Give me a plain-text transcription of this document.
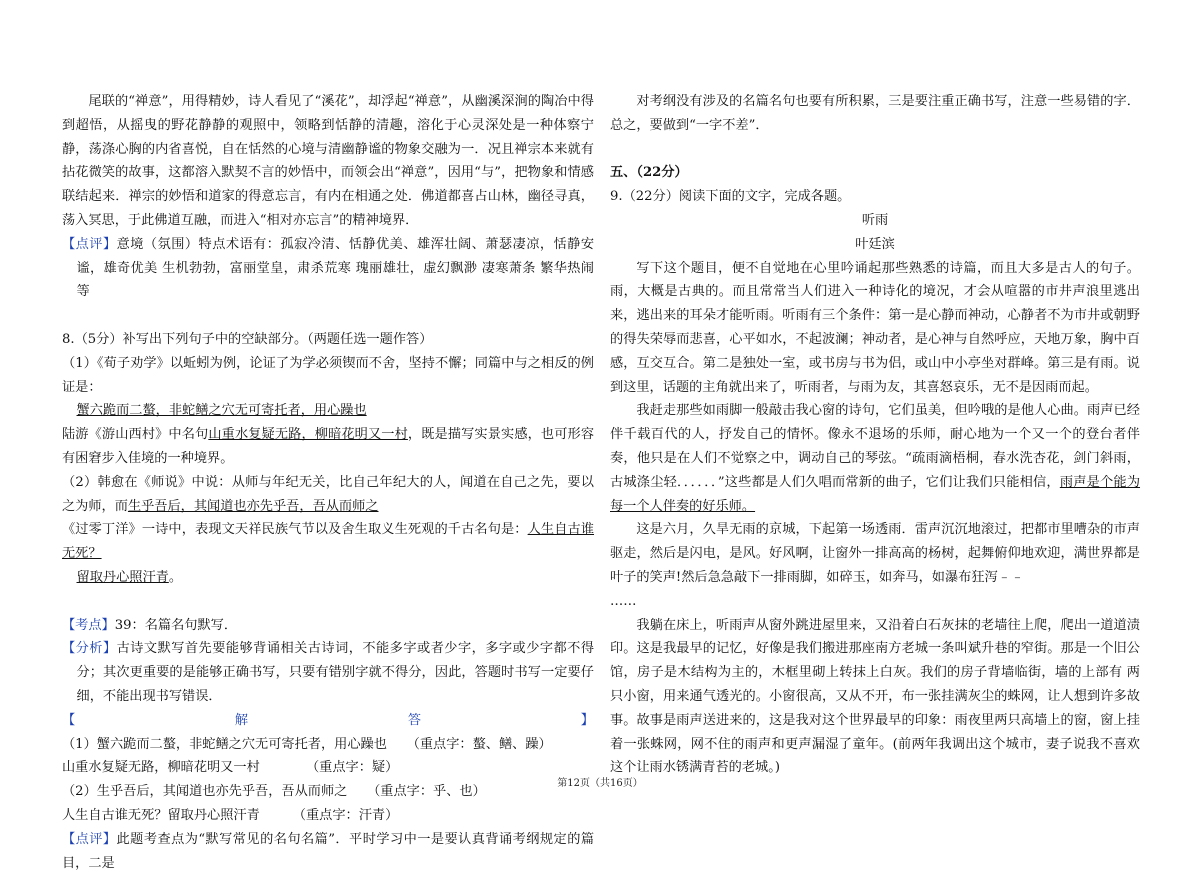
尾联的“禅意”，用得精妙，诗人看见了“溪花”，却浮起“禅意”，从幽溪深涧的陶冶中得到超悟，从摇曳的野花静静的观照中，领略到恬静的清趣，溶化于心灵深处是一种体察宁静，荡涤心胸的内省喜悦，自在恬然的心境与清幽静谧的物象交融为一．况且禅宗本来就有拈花微笑的故事，这都溶入默契不言的妙悟中，而领会出“禅意”，因用“与”，把物象和情感联结起来．禅宗的妙悟和道家的得意忘言，有内在相通之处．佛道都喜占山林，幽径寻真，荡入冥思，于此佛道互融，而进入“相对亦忘言”的精神境界．

【点评】意境（氛围）特点术语有：孤寂冷清、恬静优美、雄浑壮阔、萧瑟凄凉，恬静安谧，雄奇优美 生机勃勃，富丽堂皇，肃杀荒寒 瑰丽雄壮，虚幻飘渺 凄寒萧条 繁华热闹等

8.（5分）补写出下列句子中的空缺部分。（两题任选一题作答）

（1）《荀子劝学》以蚯蚓为例，论证了为学必须锲而不舍，坚持不懈；同篇中与之相反的例证是：

蟹六跪而二螯，非蛇鳝之穴无可寄托者，用心躁也

陆游《游山西村》中名句山重水复疑无路，柳暗花明又一村，既是描写实景实感，也可形容有困窘步入佳境的一种境界。

（2）韩愈在《师说》中说：从师与年纪无关，比自己年纪大的人，闻道在自己之先，要以之为师，而生乎吾后，其闻道也亦先乎吾，吾从而师之

《过零丁洋》一诗中，表现文天祥民族气节以及舍生取义生死观的千古名句是：人生自古谁无死？

留取丹心照汗青。

【考点】39：名篇名句默写．

【分析】古诗文默写首先要能够背诵相关古诗词，不能多字或者少字，多字或少字都不得分；其次更重要的是能够正确书写，只要有错别字就不得分，因此，答题时书写一定要仔细，不能出现书写错误．

【解答】（1）蟹六跪而二螯，非蛇鳝之穴无可寄托者，用心躁也　　（重点字：螯、鳝、躁）

山重水复疑无路，柳暗花明又一村　　　　（重点字：疑）

（2）生乎吾后，其闻道也亦先乎吾，吾从而师之　　（重点字：乎、也）

人生自古谁无死？留取丹心照汗青　　　（重点字：汗青）

【点评】此题考查点为“默写常见的名句名篇”．平时学习中一是要认真背诵考纲规定的篇目，二是

对考纲没有涉及的名篇名句也要有所积累，三是要注重正确书写，注意一些易错的字．总之，要做到“一字不差”．

五、（22分）

9.（22分）阅读下面的文字，完成各题。

听雨

叶廷滨

写下这个题目，便不自觉地在心里吟诵起那些熟悉的诗篇，而且大多是古人的句子。雨，大概是古典的。而且常常当人们进入一种诗化的境况，才会从喧嚣的市井声浪里逃出来，逃出来的耳朵才能听雨。听雨有三个条件：第一是心静而神动，心静者不为市井或朝野的得失荣辱而悲喜，心平如水，不起波澜；神动者，是心神与自然呼应，天地万象，胸中百感，互交互合。第二是独处一室，或书房与书为侣，或山中小亭坐对群峰。第三是有雨。说到这里，话题的主角就出来了，听雨者，与雨为友，其喜怒哀乐，无不是因雨而起。

我赶走那些如雨脚一般敲击我心窗的诗句，它们虽美，但吟哦的是他人心曲。雨声已经伴千载百代的人，抒发自己的情怀。像永不退场的乐师，耐心地为一个又一个的登台者伴奏，他只是在人们不觉察之中，调动自己的琴弦。“疏雨滴梧桐，春水洗杏花，剑门斜雨，古城涤尘轻．．．．．．”这些都是人们久唱而常新的曲子，它们让我们只能相信，雨声是个能为每一个人伴奏的好乐师。

这是六月，久旱无雨的京城，下起第一场透雨．雷声沉沉地滚过，把都市里嘈杂的市声驱走，然后是闪电，是风。好风啊，让窗外一排高高的杨树，起舞俯仰地欢迎，满世界都是叶子的笑声!然后急急敲下一排雨脚，如碎玉，如奔马，如瀑布狂泻﹣﹣

……

我躺在床上，听雨声从窗外跳进屋里来，又沿着白石灰抹的老墙往上爬，爬出一道道渍印。这是我最早的记忆，好像是我们搬进那座南方老城一条叫斌升巷的窄街。那是一个旧公馆，房子是木结构为主的，木框里砌上转抹上白灰。我们的房子背墙临街，墙的上部有 两只小窗，用来通气透光的。小窗很高，又从不开，布一张挂满灰尘的蛛网，让人想到许多故事。故事是雨声送进来的，这是我对这个世界最早的印象：雨夜里两只高墙上的窗，窗上挂着一张蛛网，网不住的雨声和更声漏湿了童年。(前两年我调出这个城市，妻子说我不喜欢这个让雨水锈满青苔的老城。)

第12页（共16页）
